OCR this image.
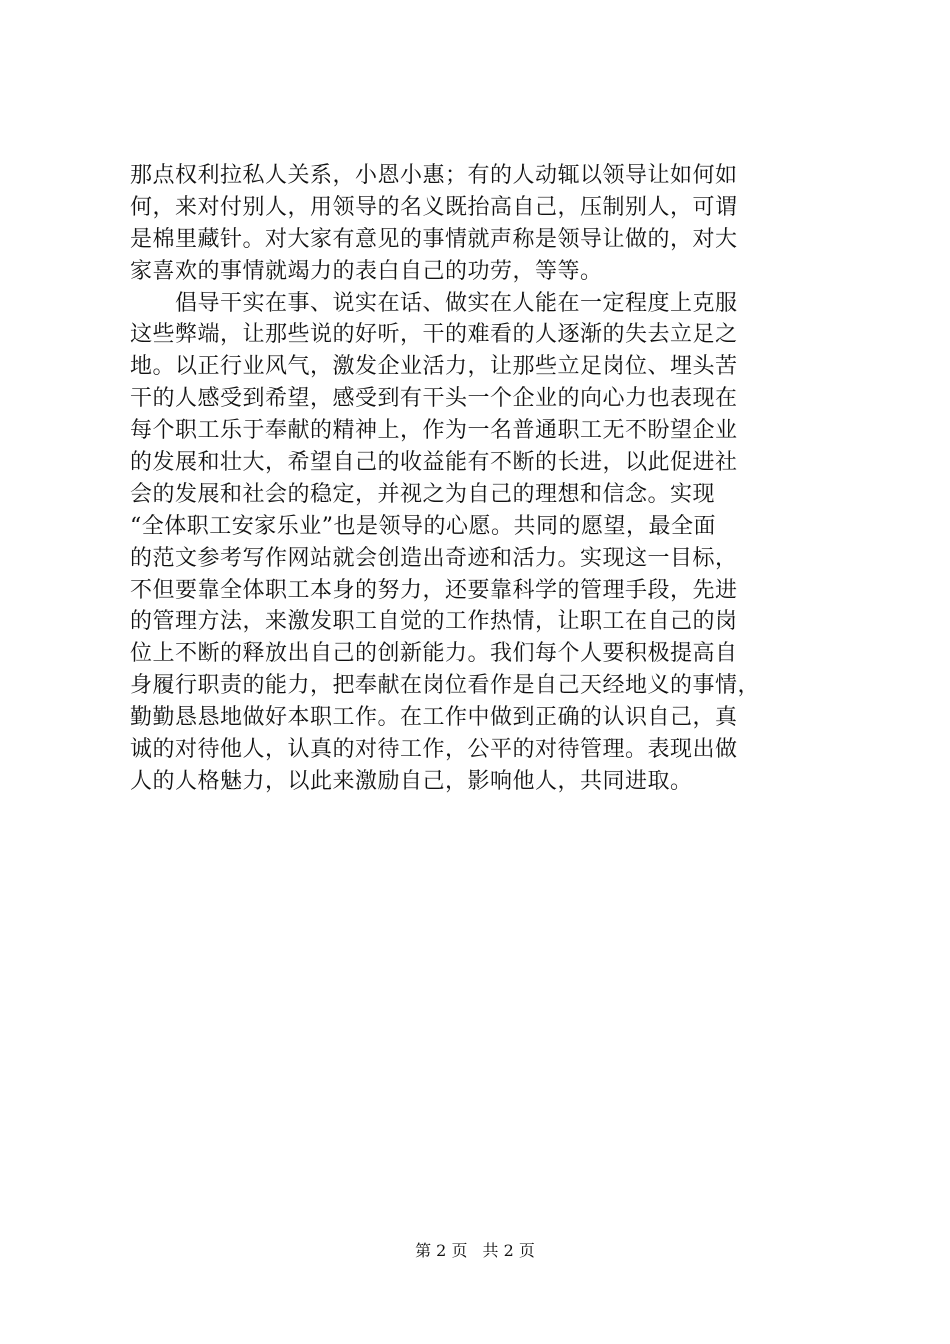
那点权利拉私人关系，小恩小惠；有的人动辄以领导让如何如
何，来对付别人，用领导的名义既抬高自己，压制别人，可谓
是棉里藏针。对大家有意见的事情就声称是领导让做的，对大
家喜欢的事情就竭力的表白自己的功劳，等等。
　　倡导干实在事、说实在话、做实在人能在一定程度上克服
这些弊端，让那些说的好听，干的难看的人逐渐的失去立足之
地。以正行业风气，激发企业活力，让那些立足岗位、埋头苦
干的人感受到希望，感受到有干头一个企业的向心力也表现在
每个职工乐于奉献的精神上，作为一名普通职工无不盼望企业
的发展和壮大，希望自己的收益能有不断的长进，以此促进社
会的发展和社会的稳定，并视之为自己的理想和信念。实现
“全体职工安家乐业”也是领导的心愿。共同的愿望，最全面
的范文参考写作网站就会创造出奇迹和活力。实现这一目标，
不但要靠全体职工本身的努力，还要靠科学的管理手段，先进
的管理方法，来激发职工自觉的工作热情，让职工在自己的岗
位上不断的释放出自己的创新能力。我们每个人要积极提高自
身履行职责的能力，把奉献在岗位看作是自己天经地义的事情，
勤勤恳恳地做好本职工作。在工作中做到正确的认识自己，真
诚的对待他人，认真的对待工作，公平的对待管理。表现出做
人的人格魅力，以此来激励自己，影响他人，共同进取。
第 2 页 共 2 页
